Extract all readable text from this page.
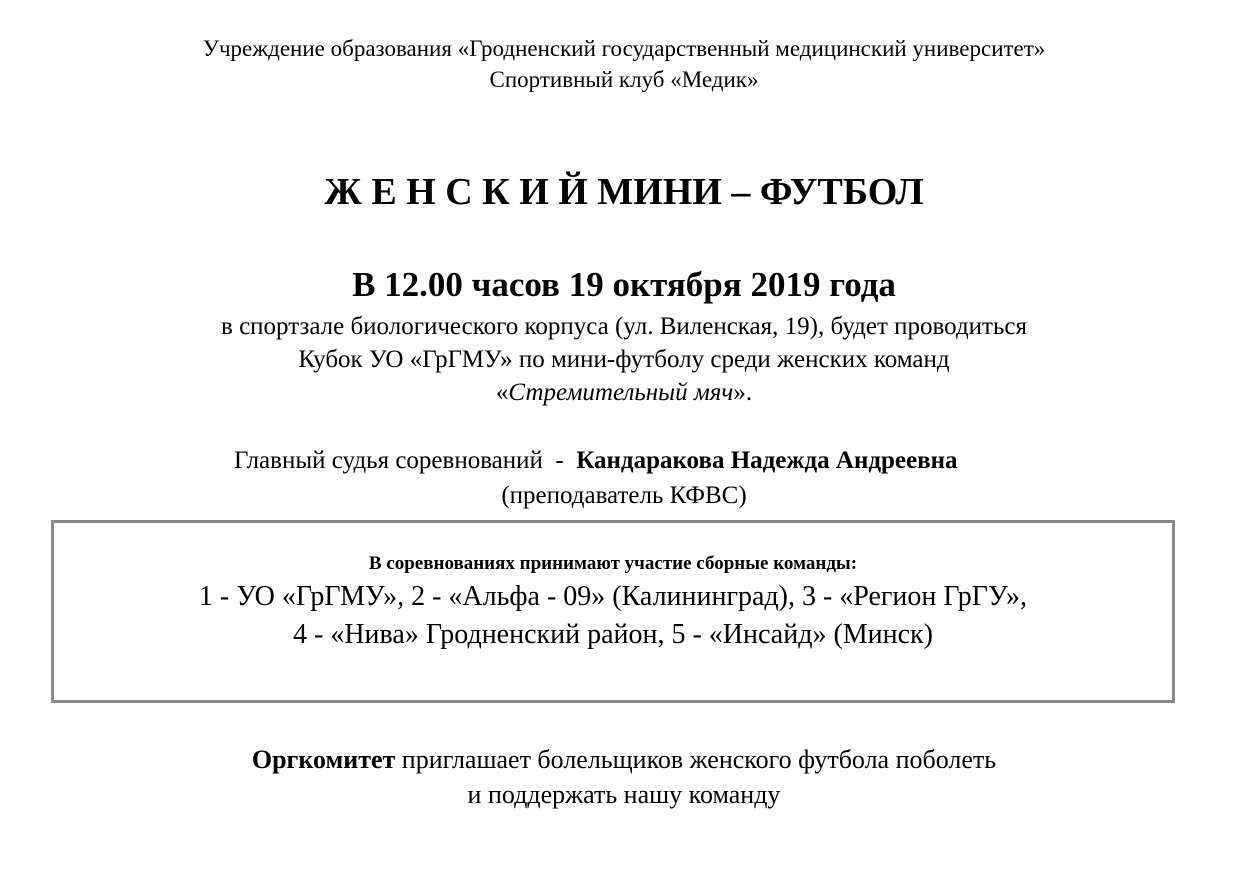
Учреждение образования «Гродненский государственный медицинский университет»
Спортивный клуб «Медик»
Ж Е Н С К И Й МИНИ – ФУТБОЛ
В 12.00 часов 19 октября 2019 года
в спортзале биологического корпуса (ул. Виленская, 19), будет проводиться
Кубок УО «ГрГМУ» по мини-футболу среди женских команд
«Стремительный мяч».
Главный судья соревнований  -  Кандаракова Надежда Андреевна
(преподаватель КФВС)
В соревнованиях принимают участие сборные команды:
1 - УО «ГрГМУ», 2 - «Альфа - 09» (Калининград), 3 - «Регион ГрГУ»,
4 - «Нива» Гродненский район, 5 - «Инсайд» (Минск)
Оргкомитет приглашает болельщиков женского футбола поболеть
и поддержать нашу команду
